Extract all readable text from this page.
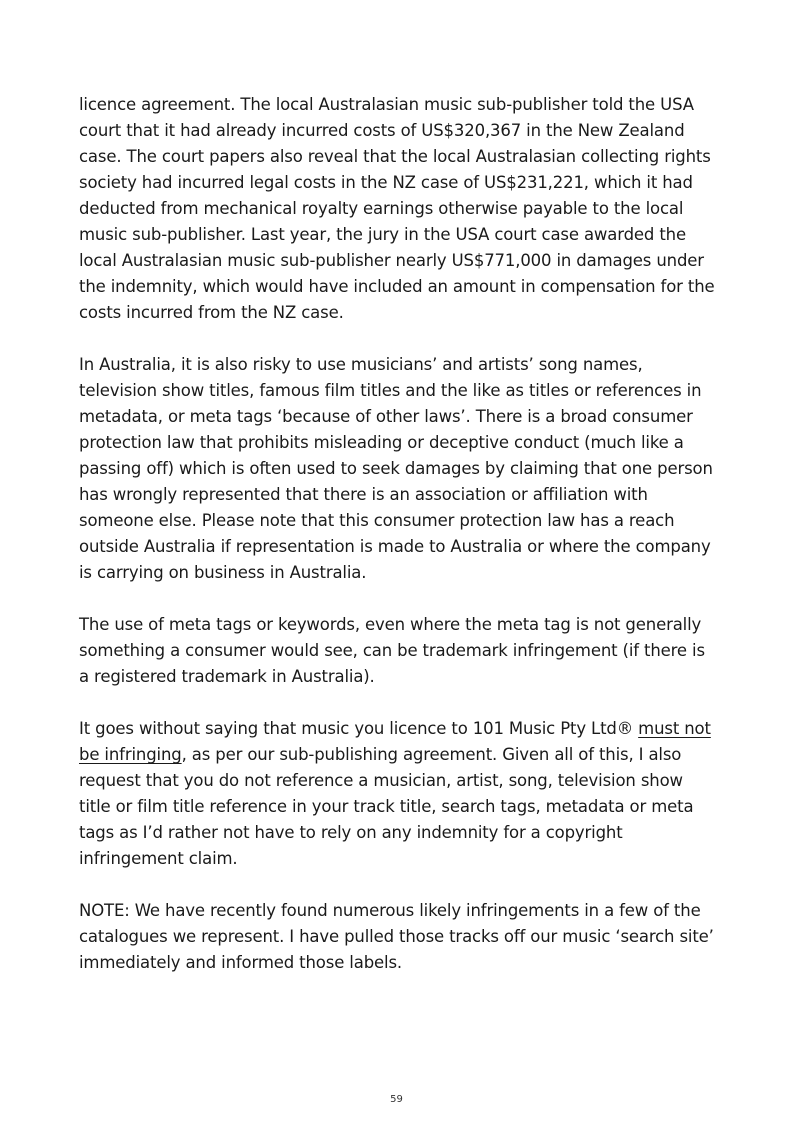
licence agreement. The local Australasian music sub-publisher told the USA court that it had already incurred costs of US$320,367 in the New Zealand case. The court papers also reveal that the local Australasian collecting rights society had incurred legal costs in the NZ case of US$231,221, which it had deducted from mechanical royalty earnings otherwise payable to the local music sub-publisher. Last year, the jury in the USA court case awarded the local Australasian music sub-publisher nearly US$771,000 in damages under the indemnity, which would have included an amount in compensation for the costs incurred from the NZ case.

In Australia, it is also risky to use musicians’ and artists’ song names, television show titles, famous film titles and the like as titles or references in metadata, or meta tags ‘because of other laws’. There is a broad consumer protection law that prohibits misleading or deceptive conduct (much like a passing off) which is often used to seek damages by claiming that one person has wrongly represented that there is an association or affiliation with someone else. Please note that this consumer protection law has a reach outside Australia if representation is made to Australia or where the company is carrying on business in Australia.

The use of meta tags or keywords, even where the meta tag is not generally something a consumer would see, can be trademark infringement (if there is a registered trademark in Australia).

It goes without saying that music you licence to 101 Music Pty Ltd® must not be infringing, as per our sub-publishing agreement. Given all of this, I also request that you do not reference a musician, artist, song, television show title or film title reference in your track title, search tags, metadata or meta tags as I’d rather not have to rely on any indemnity for a copyright infringement claim.

NOTE: We have recently found numerous likely infringements in a few of the catalogues we represent. I have pulled those tracks off our music ‘search site’ immediately and informed those labels.

59
